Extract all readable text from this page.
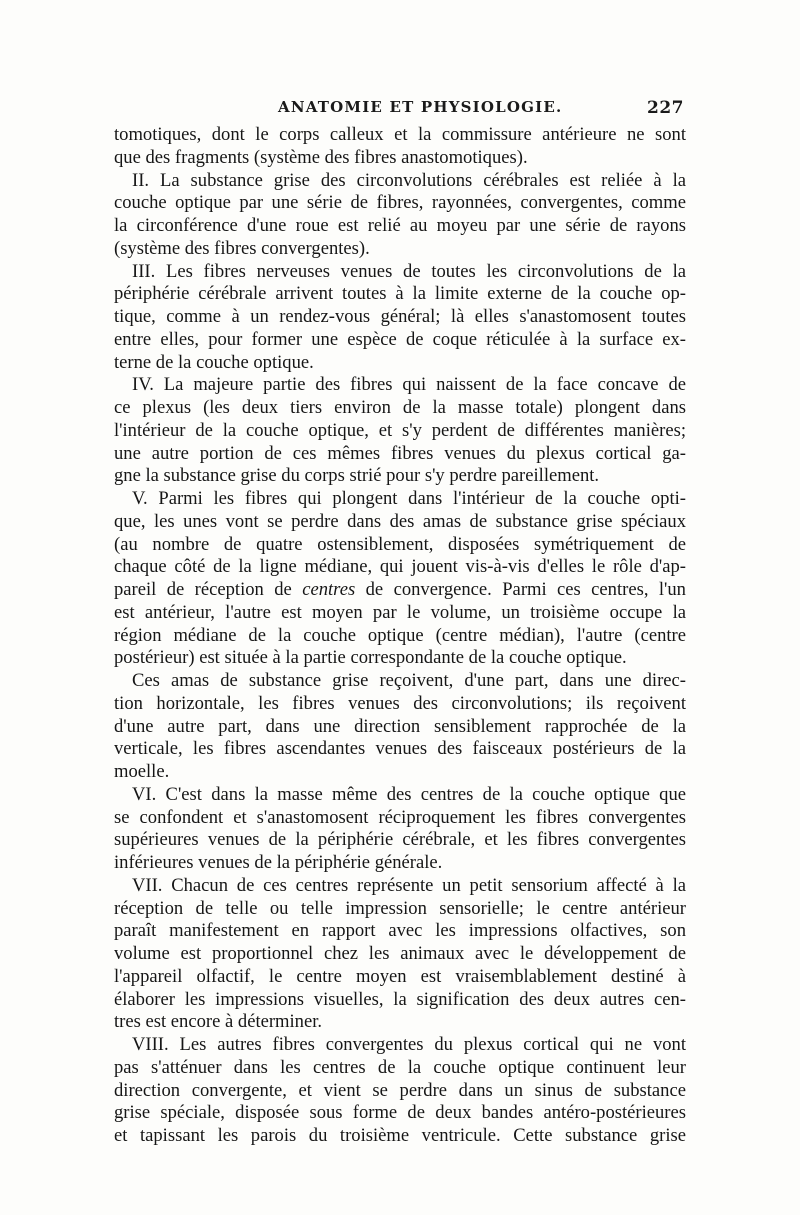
ANATOMIE ET PHYSIOLOGIE.	227
tomotiques, dont le corps calleux et la commissure antérieure ne sont
que des fragments (système des fibres anastomotiques).
II. La substance grise des circonvolutions cérébrales est reliée à la
couche optique par une série de fibres, rayonnées, convergentes, comme
la circonférence d'une roue est relié au moyeu par une série de rayons
(système des fibres convergentes).
III. Les fibres nerveuses venues de toutes les circonvolutions de la
périphérie cérébrale arrivent toutes à la limite externe de la couche op-
tique, comme à un rendez-vous général; là elles s'anastomosent toutes
entre elles, pour former une espèce de coque réticulée à la surface ex-
terne de la couche optique.
IV. La majeure partie des fibres qui naissent de la face concave de
ce plexus (les deux tiers environ de la masse totale) plongent dans
l'intérieur de la couche optique, et s'y perdent de différentes manières;
une autre portion de ces mêmes fibres venues du plexus cortical ga-
gne la substance grise du corps strié pour s'y perdre pareillement.
V. Parmi les fibres qui plongent dans l'intérieur de la couche opti-
que, les unes vont se perdre dans des amas de substance grise spéciaux
(au nombre de quatre ostensiblement, disposées symétriquement de
chaque côté de la ligne médiane, qui jouent vis-à-vis d'elles le rôle d'ap-
pareil de réception de centres de convergence. Parmi ces centres, l'un
est antérieur, l'autre est moyen par le volume, un troisième occupe la
région médiane de la couche optique (centre médian), l'autre (centre
postérieur) est située à la partie correspondante de la couche optique.
Ces amas de substance grise reçoivent, d'une part, dans une direc-
tion horizontale, les fibres venues des circonvolutions; ils reçoivent
d'une autre part, dans une direction sensiblement rapprochée de la
verticale, les fibres ascendantes venues des faisceaux postérieurs de la
moelle.
VI. C'est dans la masse même des centres de la couche optique que
se confondent et s'anastomosent réciproquement les fibres convergentes
supérieures venues de la périphérie cérébrale, et les fibres convergentes
inférieures venues de la périphérie générale.
VII. Chacun de ces centres représente un petit sensorium affecté à la
réception de telle ou telle impression sensorielle; le centre antérieur
paraît manifestement en rapport avec les impressions olfactives, son
volume est proportionnel chez les animaux avec le développement de
l'appareil olfactif, le centre moyen est vraisemblablement destiné à
élaborer les impressions visuelles, la signification des deux autres cen-
tres est encore à déterminer.
VIII. Les autres fibres convergentes du plexus cortical qui ne vont
pas s'atténuer dans les centres de la couche optique continuent leur
direction convergente, et vient se perdre dans un sinus de substance
grise spéciale, disposée sous forme de deux bandes antéro-postérieures
et tapissant les parois du troisième ventricule. Cette substance grise
